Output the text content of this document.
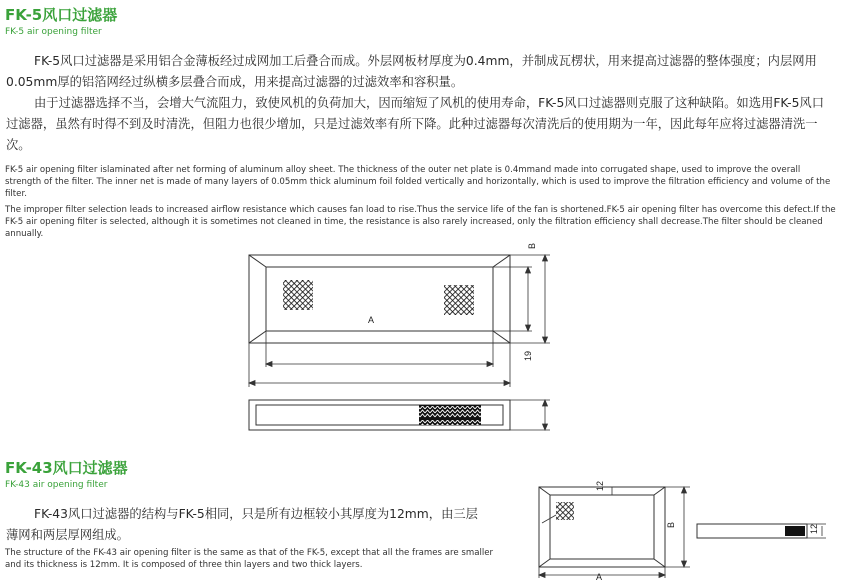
FK-5风口过滤器
FK-5 air opening filter
FK-5风口过滤器是采用铝合金薄板经过成网加工后叠合而成。外层网板材厚度为0.4mm，并制成瓦楞状，用来提高过滤器的整体强度；内层网用0.05mm厚的铝箔网经过纵横多层叠合而成，用来提高过滤器的过滤效率和容积量。
由于过滤器选择不当，会增大气流阻力，致使风机的负荷加大，因而缩短了风机的使用寿命，FK-5风口过滤器则克服了这种缺陷。如选用FK-5风口过滤器，虽然有时得不到及时清洗，但阻力也很少增加，只是过滤效率有所下降。此种过滤器每次清洗后的使用期为一年，因此每年应将过滤器清洗一次。
FK-5 air opening filter islaminated after net forming of aluminum alloy sheet. The thickness of the outer net plate is 0.4mmand made into corrugated shape, used to improve the overall strength of the filter. The inner net is made of many layers of 0.05mm thick aluminum foil folded vertically and horizontally, which is used to improve the filtration efficiency and volume of the filter.
The improper filter selection leads to increased airflow resistance which causes fan load to rise.Thus the service life of the fan is shortened.FK-5 air opening filter has overcome this defect.If the FK-5 air opening filter is selected, although it is sometimes not cleaned in time, the resistance is also rarely increased, only the filtration efficiency shall decrease.The filter should be cleaned annually.
A
B
19
FK-43风口过滤器
FK-43 air opening filter
FK-43风口过滤器的结构与FK-5相同，只是所有边框较小其厚度为12mm，由三层薄网和两层厚网组成。
The structure of the FK-43 air opening filter is the same as that of the FK-5, except that all the frames are smaller and its thickness is 12mm. It is composed of three thin layers and two thick layers.
12
B
A
12
